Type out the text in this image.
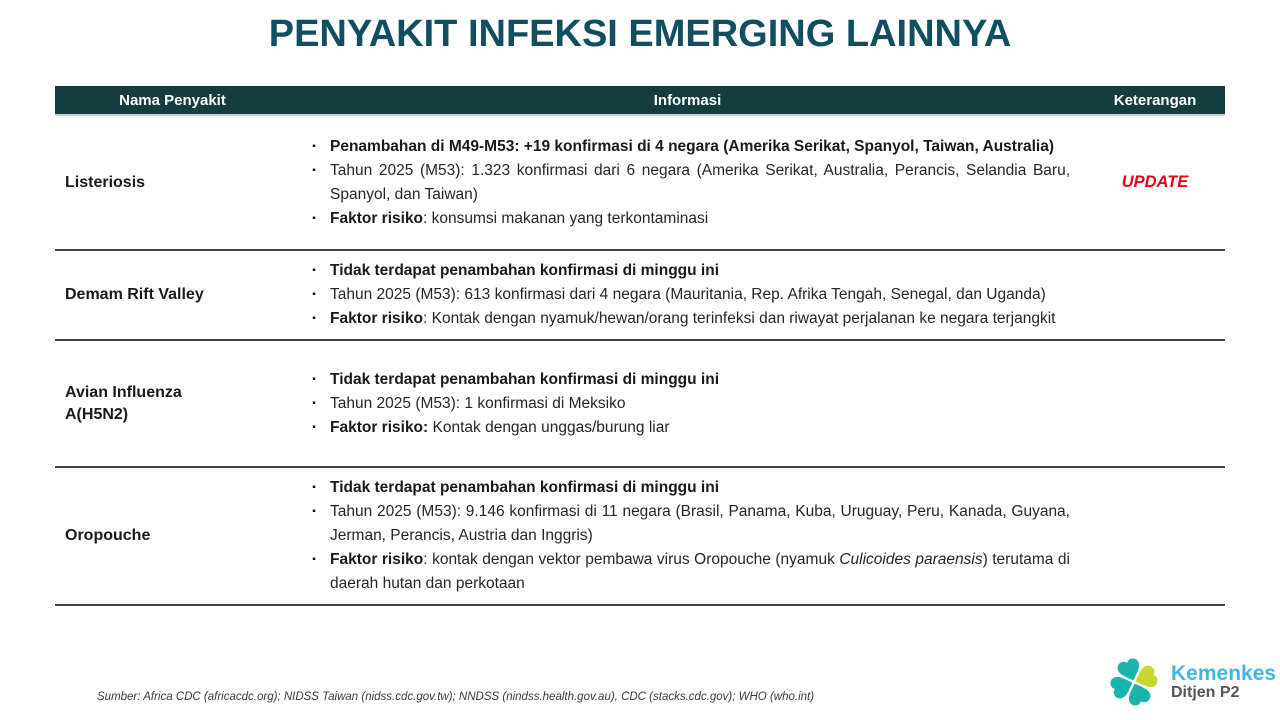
PENYAKIT INFEKSI EMERGING LAINNYA
Nama Penyakit	Informasi	Keterangan
Listeriosis
▪ Penambahan di M49-M53: +19 konfirmasi di 4 negara (Amerika Serikat, Spanyol, Taiwan, Australia)
▪ Tahun 2025 (M53): 1.323 konfirmasi dari 6 negara (Amerika Serikat, Australia, Perancis, Selandia Baru, Spanyol, dan Taiwan)
▪ Faktor risiko: konsumsi makanan yang terkontaminasi
UPDATE
Demam Rift Valley
▪ Tidak terdapat penambahan konfirmasi di minggu ini
▪ Tahun 2025 (M53): 613 konfirmasi dari 4 negara (Mauritania, Rep. Afrika Tengah, Senegal, dan Uganda)
▪ Faktor risiko: Kontak dengan nyamuk/hewan/orang terinfeksi dan riwayat perjalanan ke negara terjangkit
Avian Influenza A(H5N2)
▪ Tidak terdapat penambahan konfirmasi di minggu ini
▪ Tahun 2025 (M53): 1 konfirmasi di Meksiko
▪ Faktor risiko: Kontak dengan unggas/burung liar
Oropouche
▪ Tidak terdapat penambahan konfirmasi di minggu ini
▪ Tahun 2025 (M53): 9.146 konfirmasi di 11 negara (Brasil, Panama, Kuba, Uruguay, Peru, Kanada, Guyana, Jerman, Perancis, Austria dan Inggris)
▪ Faktor risiko: kontak dengan vektor pembawa virus Oropouche (nyamuk Culicoides paraensis) terutama di daerah hutan dan perkotaan
Sumber: Africa CDC (africacdc.org); NIDSS Taiwan (nidss.cdc.gov.tw); NNDSS (nindss.health.gov.au), CDC (stacks.cdc.gov); WHO (who.int)
Kemenkes
Ditjen P2
